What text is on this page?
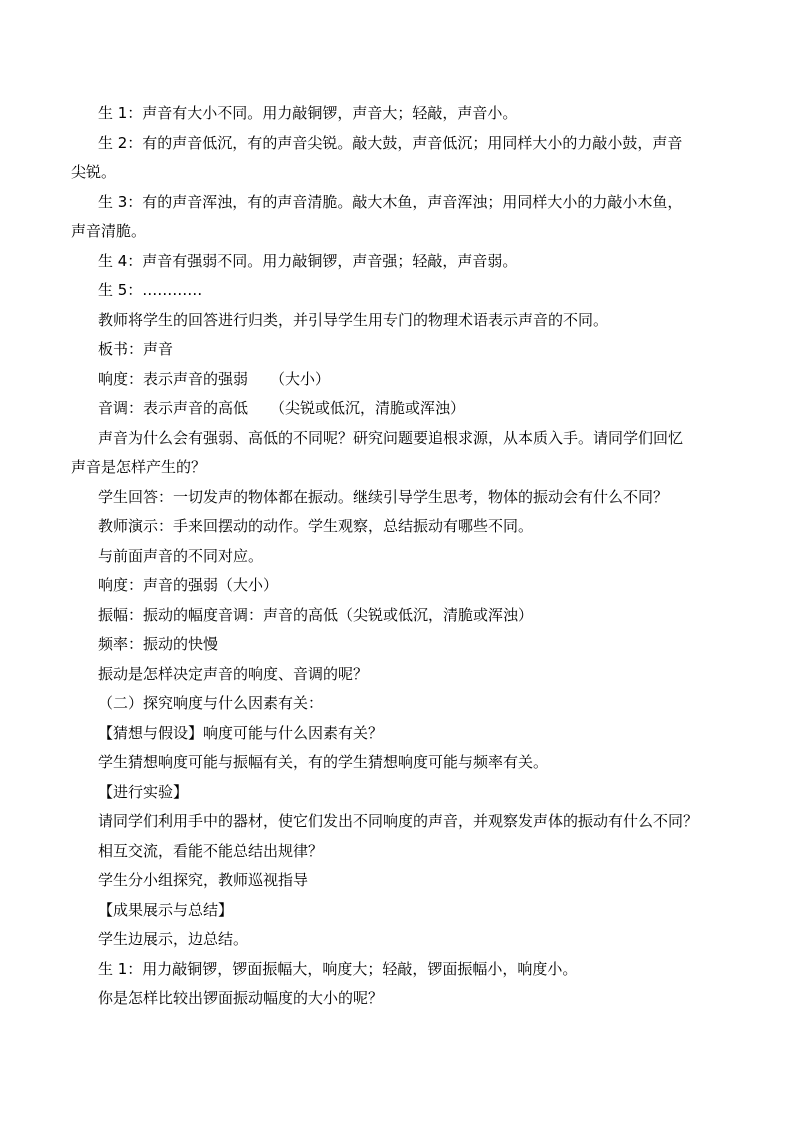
生 1：声音有大小不同。用力敲铜锣，声音大；轻敲，声音小。

生 2：有的声音低沉，有的声音尖锐。敲大鼓，声音低沉；用同样大小的力敲小鼓，声音

尖锐。

生 3：有的声音浑浊，有的声音清脆。敲大木鱼，声音浑浊；用同样大小的力敲小木鱼，

声音清脆。

生 4：声音有强弱不同。用力敲铜锣，声音强；轻敲，声音弱。

生 5：…………

教师将学生的回答进行归类，并引导学生用专门的物理术语表示声音的不同。

板书：声音

响度：表示声音的强弱 （大小）

音调：表示声音的高低 （尖锐或低沉，清脆或浑浊）

声音为什么会有强弱、高低的不同呢？研究问题要追根求源，从本质入手。请同学们回忆

声音是怎样产生的？

学生回答：一切发声的物体都在振动。继续引导学生思考，物体的振动会有什么不同？

教师演示：手来回摆动的动作。学生观察，总结振动有哪些不同。

与前面声音的不同对应。

响度：声音的强弱（大小）

振幅：振动的幅度音调：声音的高低（尖锐或低沉，清脆或浑浊）

频率：振动的快慢

振动是怎样决定声音的响度、音调的呢？

（二）探究响度与什么因素有关：

【猜想与假设】响度可能与什么因素有关？

学生猜想响度可能与振幅有关，有的学生猜想响度可能与频率有关。

【进行实验】

请同学们利用手中的器材，使它们发出不同响度的声音，并观察发声体的振动有什么不同？

相互交流，看能不能总结出规律？

学生分小组探究，教师巡视指导

【成果展示与总结】

学生边展示，边总结。

生 1：用力敲铜锣，锣面振幅大，响度大；轻敲，锣面振幅小，响度小。

你是怎样比较出锣面振动幅度的大小的呢？
